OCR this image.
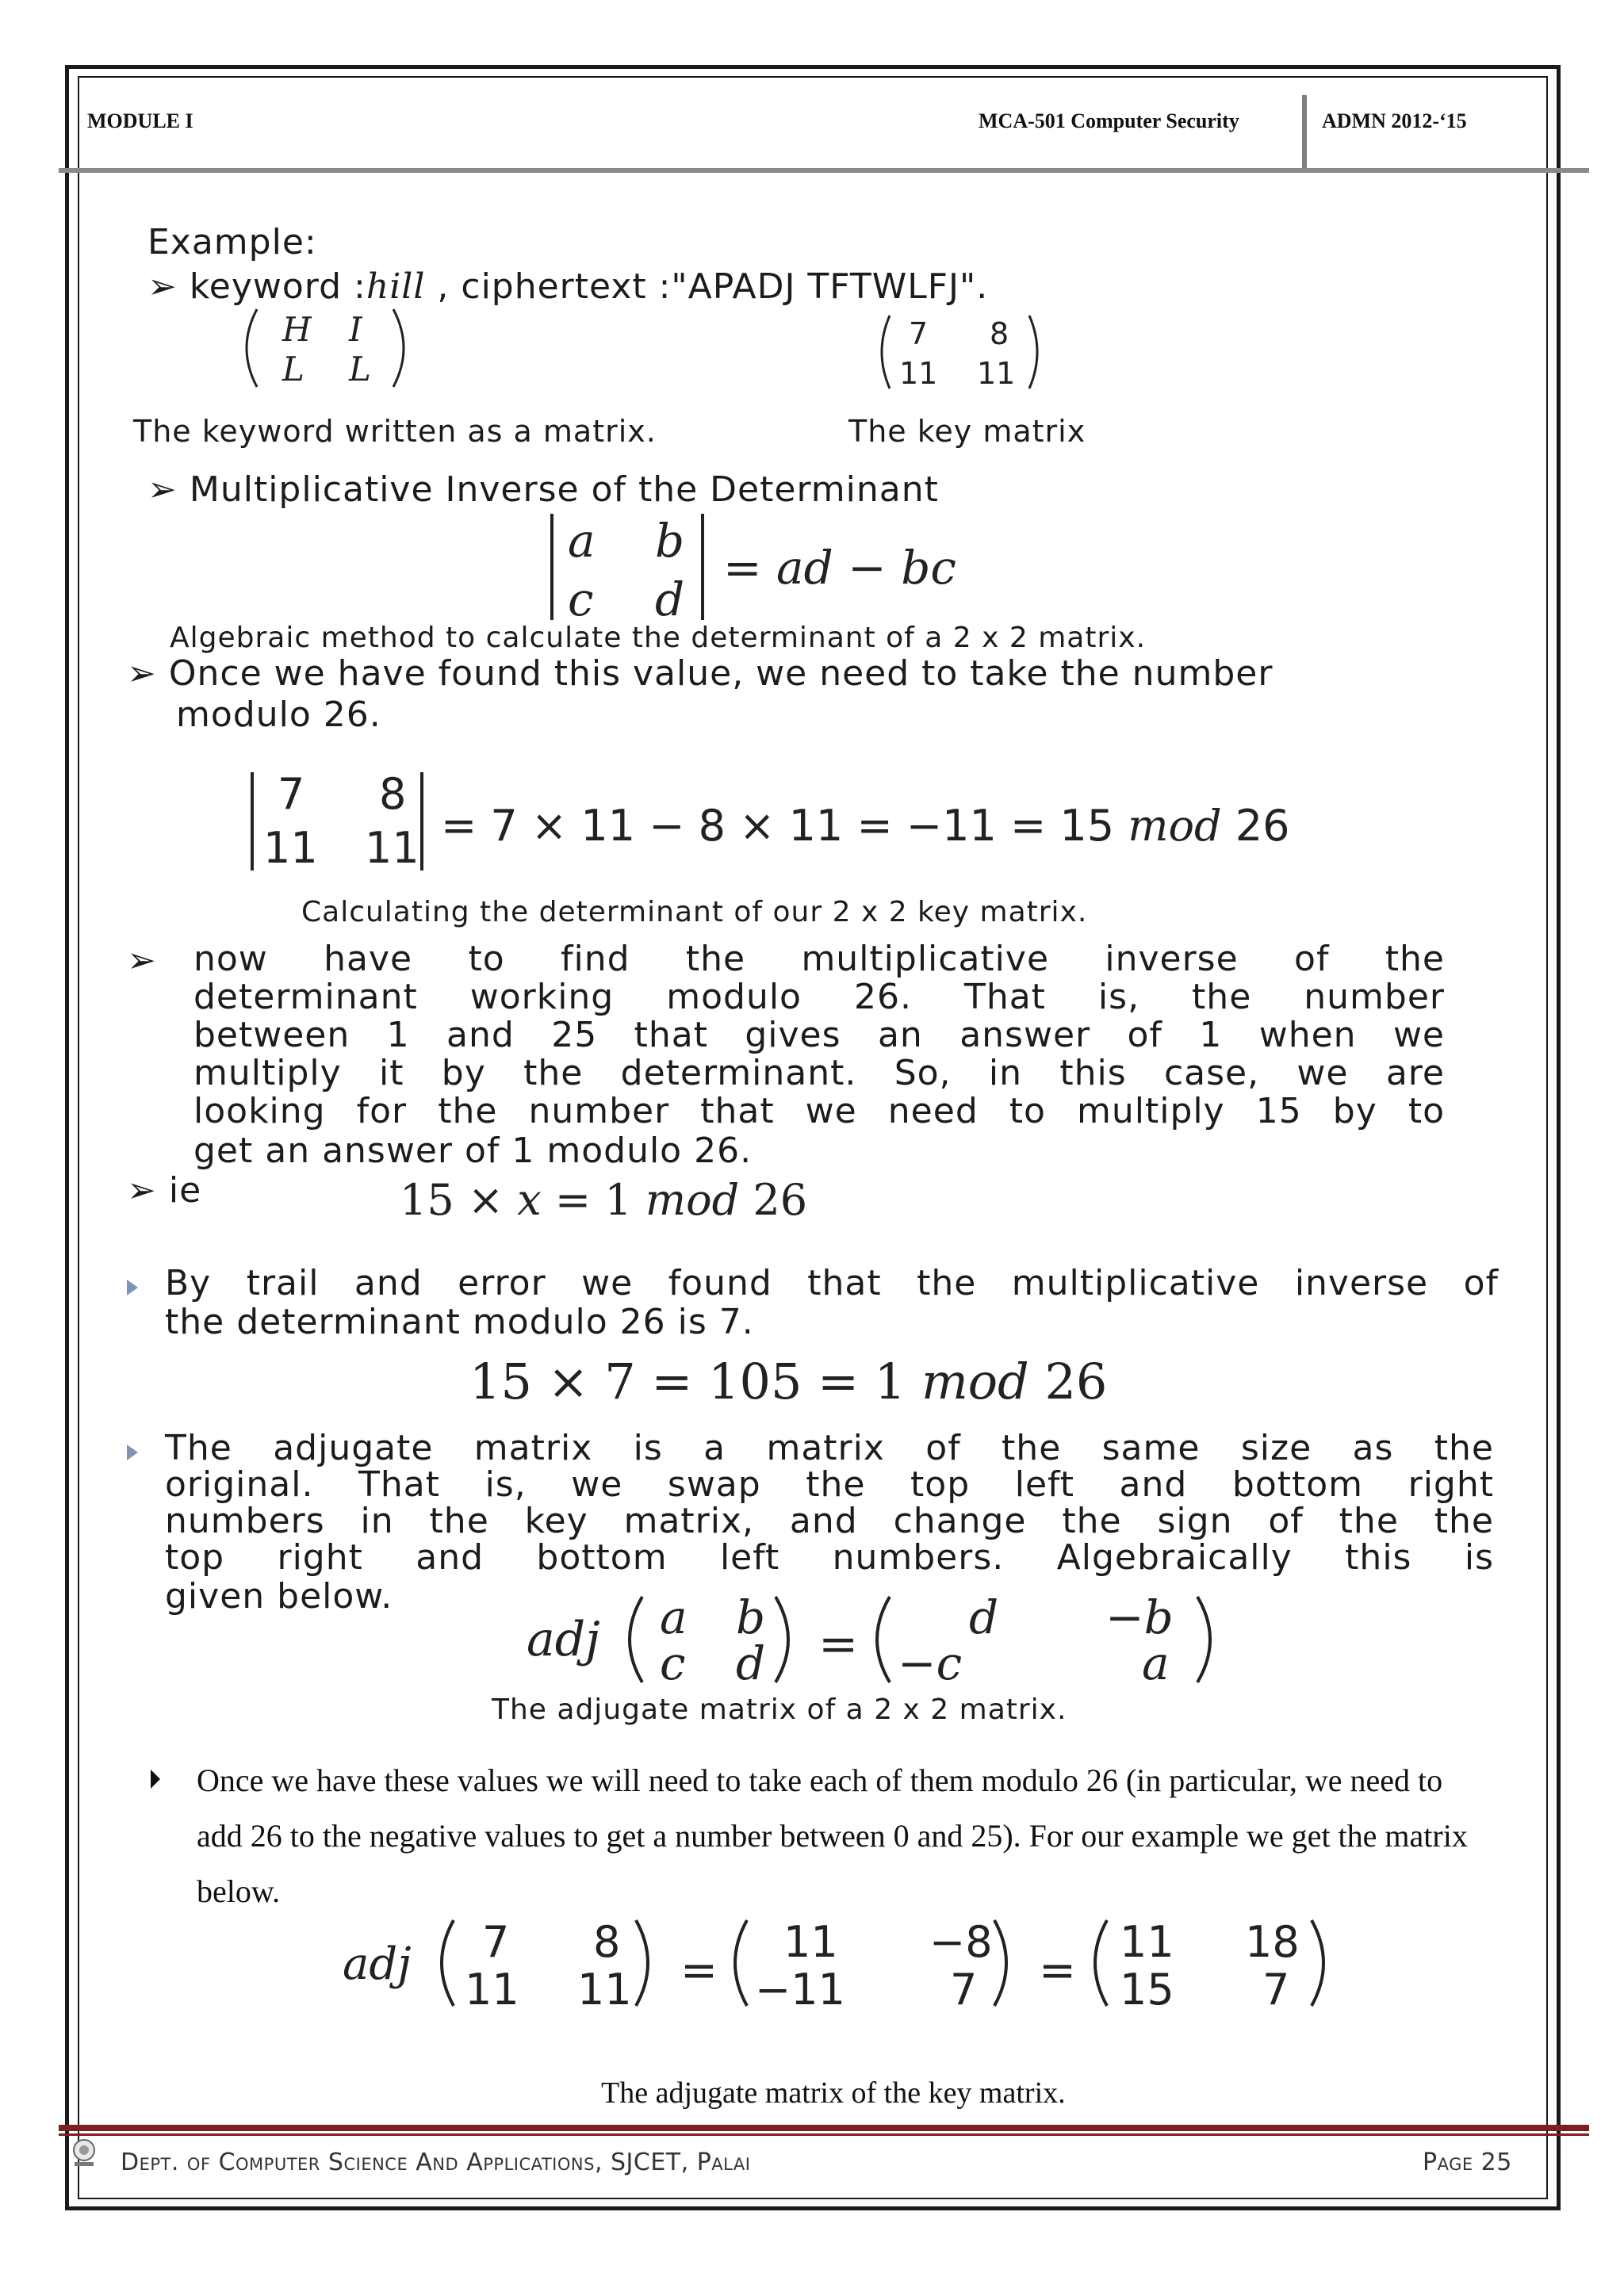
MODULE I	MCA-501 Computer Security	ADMN 2012-‘15
Example:
➢ keyword :hill , ciphertext :"APADJ TFTWLFJ".
H I
L L
7 8
11 11
The keyword written as a matrix.	The key matrix
➢ Multiplicative Inverse of the Determinant
a b
c d
= ad − bc
Algebraic method to calculate the determinant of a 2 x 2 matrix.
➢ Once we have found this value, we need to take the number
modulo 26.
7 8
11 11 = 7 × 11 − 8 × 11 = −11 = 15 mod 26
Calculating the determinant of our 2 x 2 key matrix.
➢ now have to find the multiplicative inverse of the
determinant working modulo 26. That is, the number
between 1 and 25 that gives an answer of 1 when we
multiply it by the determinant. So, in this case, we are
looking for the number that we need to multiply 15 by to
get an answer of 1 modulo 26.
➢ ie	15 × x = 1 mod 26
By trail and error we found that the multiplicative inverse of
the determinant modulo 26 is 7.
15 × 7 = 105 = 1 mod 26
The adjugate matrix is a matrix of the same size as the
original. That is, we swap the top left and bottom right
numbers in the key matrix, and change the sign of the the
top right and bottom left numbers. Algebraically this is
given below.
adj a b
c d = d −b
−c	a
The adjugate matrix of a 2 x 2 matrix.
Once we have these values we will need to take each of them modulo 26 (in particular, we need to
add 26 to the negative values to get a number between 0 and 25). For our example we get the matrix
below.
adj 7 8
11 11 =
11 −8
−11 7 =
11 18
15 7
The adjugate matrix of the key matrix.
Dept. of Computer Science And Applications, SJCET, Palai	Page 25
